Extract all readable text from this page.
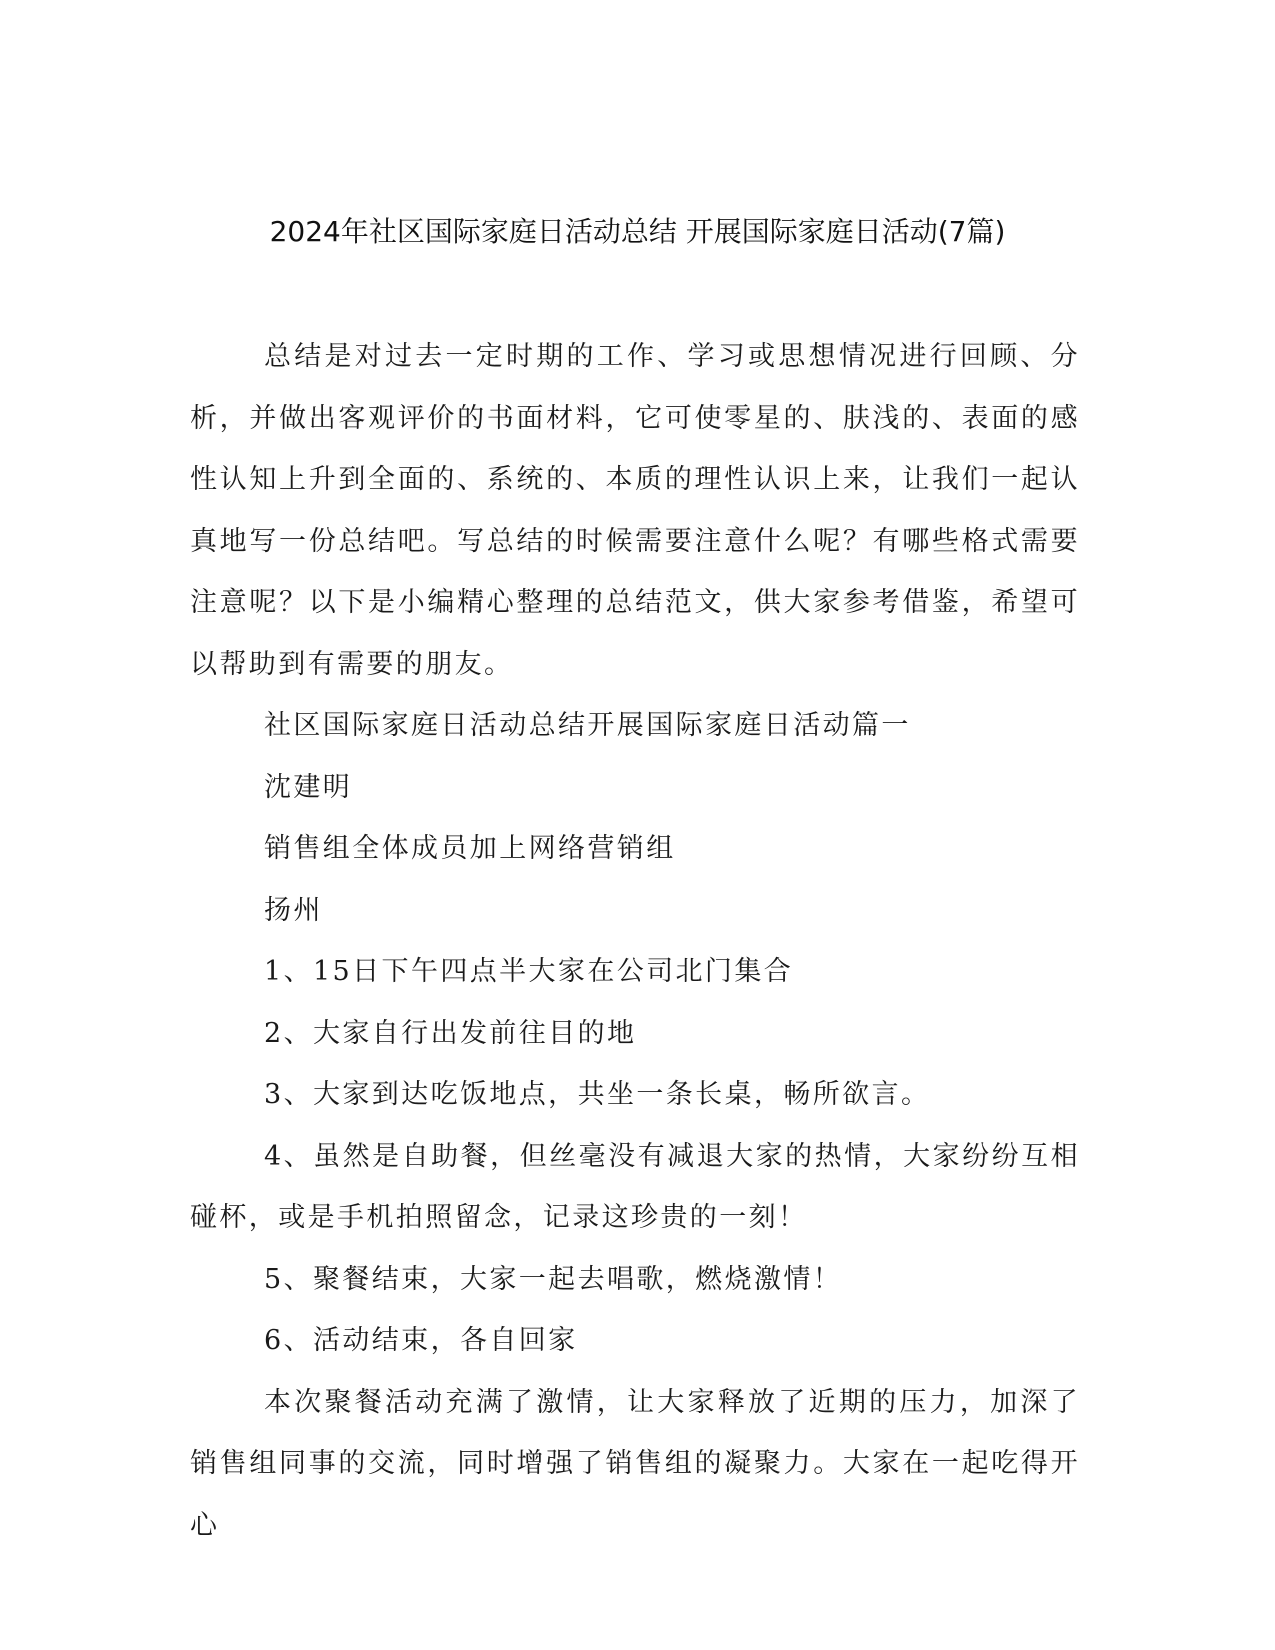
2024年社区国际家庭日活动总结 开展国际家庭日活动(7篇)

总结是对过去一定时期的工作、学习或思想情况进行回顾、分析，并做出客观评价的书面材料，它可使零星的、肤浅的、表面的感性认知上升到全面的、系统的、本质的理性认识上来，让我们一起认真地写一份总结吧。写总结的时候需要注意什么呢？有哪些格式需要注意呢？以下是小编精心整理的总结范文，供大家参考借鉴，希望可以帮助到有需要的朋友。

社区国际家庭日活动总结开展国际家庭日活动篇一

沈建明

销售组全体成员加上网络营销组

扬州

1、15日下午四点半大家在公司北门集合

2、大家自行出发前往目的地

3、大家到达吃饭地点，共坐一条长桌，畅所欲言。

4、虽然是自助餐，但丝毫没有减退大家的热情，大家纷纷互相碰杯，或是手机拍照留念，记录这珍贵的一刻！

5、聚餐结束，大家一起去唱歌，燃烧激情！

6、活动结束，各自回家

本次聚餐活动充满了激情，让大家释放了近期的压力，加深了销售组同事的交流，同时增强了销售组的凝聚力。大家在一起吃得开心
